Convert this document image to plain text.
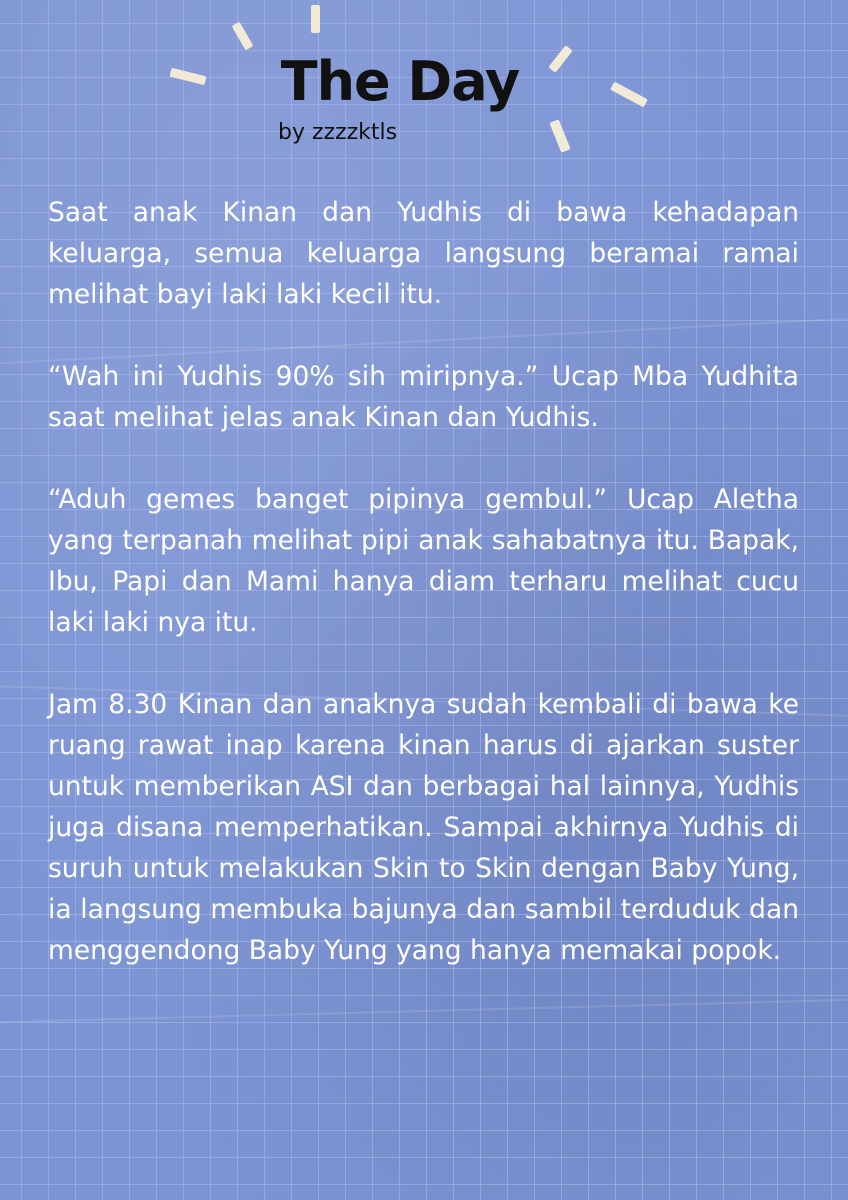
The Day
by zzzzktls

Saat anak Kinan dan Yudhis di bawa kehadapan keluarga, semua keluarga langsung beramai ramai melihat bayi laki laki kecil itu.

“Wah ini Yudhis 90% sih miripnya.” Ucap Mba Yudhita saat melihat jelas anak Kinan dan Yudhis.

“Aduh gemes banget pipinya gembul.” Ucap Aletha yang terpanah melihat pipi anak sahabatnya itu. Bapak, Ibu, Papi dan Mami hanya diam terharu melihat cucu laki laki nya itu.

Jam 8.30 Kinan dan anaknya sudah kembali di bawa ke ruang rawat inap karena kinan harus di ajarkan suster untuk memberikan ASI dan berbagai hal lainnya, Yudhis juga disana memperhatikan. Sampai akhirnya Yudhis di suruh untuk melakukan Skin to Skin dengan Baby Yung, ia langsung membuka bajunya dan sambil terduduk dan menggendong Baby Yung yang hanya memakai popok.
